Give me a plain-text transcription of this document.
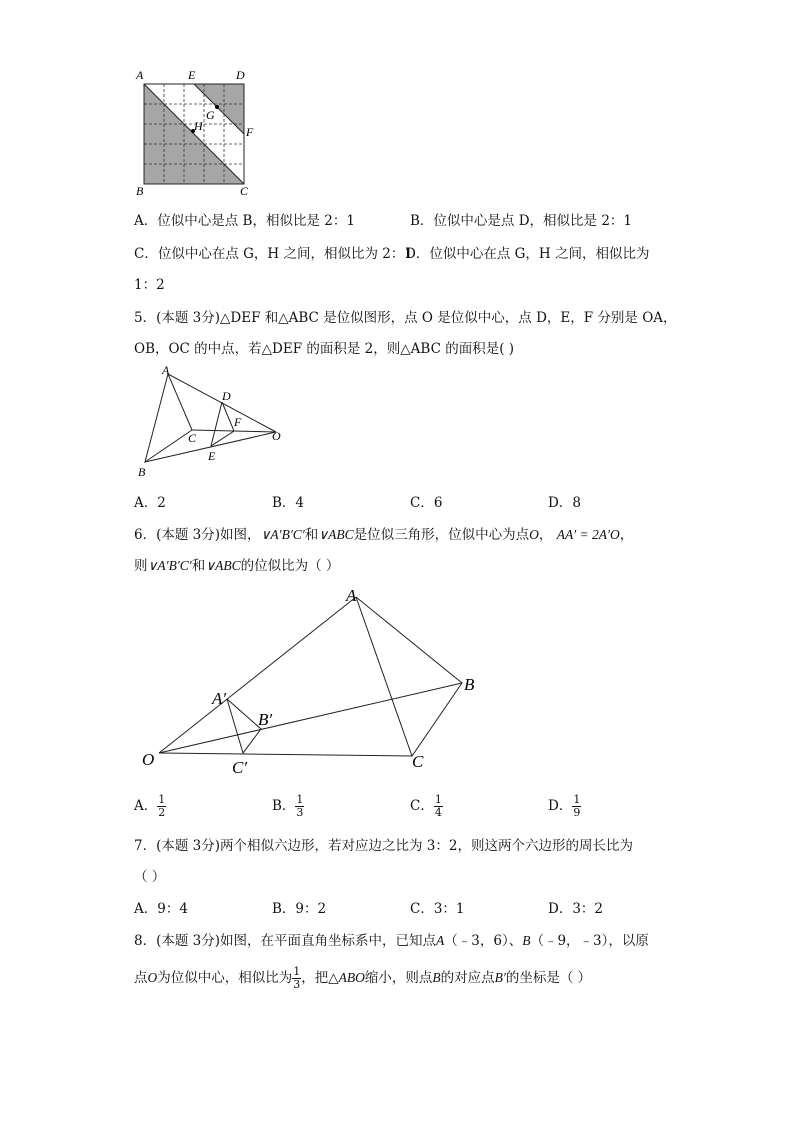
A	E	D
G
H	F
B	C
A．位似中心是点 B，相似比是 2：1	B．位似中心是点 D，相似比是 2：1
C．位似中心在点 G，H 之间，相似比为 2：1
D．位似中心在点 G，H 之间，相似比为
1：2
5．(本题 3分)△DEF 和△ABC 是位似图形，点 O 是位似中心，点 D，E，F 分别是 OA，
OB，OC 的中点，若△DEF 的面积是 2，则△ABC 的面积是( )
A
D
C
F
O
E
B
A．2	B．4	C．6	D．8
6．(本题 3分)如图，∨A′B′C′和∨ABC是位似三角形，位似中心为点O， AA′ = 2A′O，
则∨A′B′C′和∨ABC的位似比为（ ）
A
A′
B′
B
O	C′	C
A． $\frac{1}{2}$	B． $\frac{1}{3}$	C． $\frac{1}{4}$	D． $\frac{1}{9}$
7．(本题 3分)两个相似六边形，若对应边之比为 3：2，则这两个六边形的周长比为
（ ）
A．9：4	B．9：2	C．3：1	D．3：2
8．(本题 3分)如图，在平面直角坐标系中，已知点A（﹣3，6）、B（﹣9，﹣3），以原
点O为位似中心，相似比为 $\frac{1}{3}$ ，把△ABO缩小，则点B的对应点B′的坐标是（ ）
